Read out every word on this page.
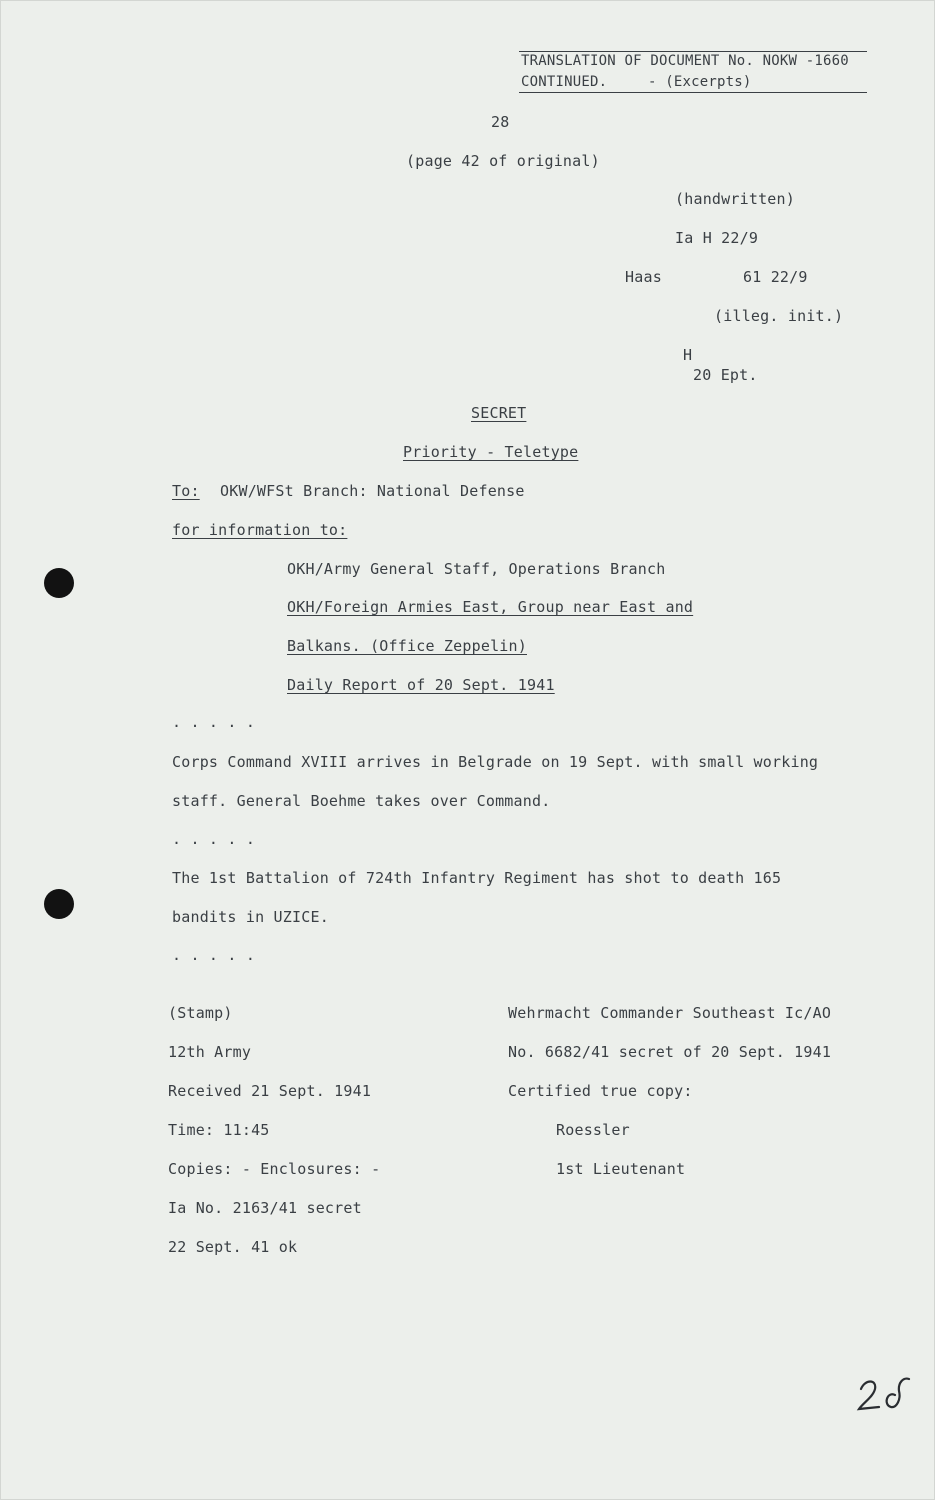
TRANSLATION OF DOCUMENT No. NOKW -1660
CONTINUED.	- (Excerpts)
28
(page 42 of original)
(handwritten)
Ia H 22/9
Haas	61 22/9
(illeg. init.)
H
20 Ept.
SECRET
Priority - Teletype
To: OKW/WFSt Branch: National Defense
for information to:
OKH/Army General Staff, Operations Branch
OKH/Foreign Armies East, Group near East and
Balkans. (Office Zeppelin)
Daily Report of 20 Sept. 1941
. . . . .
Corps Command XVIII arrives in Belgrade on 19 Sept. with small working
staff. General Boehme takes over Command.
. . . . .
The 1st Battalion of 724th Infantry Regiment has shot to death 165
bandits in UZICE.
. . . . .
(Stamp)
12th Army
Received 21 Sept. 1941
Time: 11:45
Copies: - Enclosures: -
Ia No. 2163/41 secret
22 Sept. 41 ok
Wehrmacht Commander Southeast Ic/AO
No. 6682/41 secret of 20 Sept. 1941
Certified true copy:
Roessler
1st Lieutenant
